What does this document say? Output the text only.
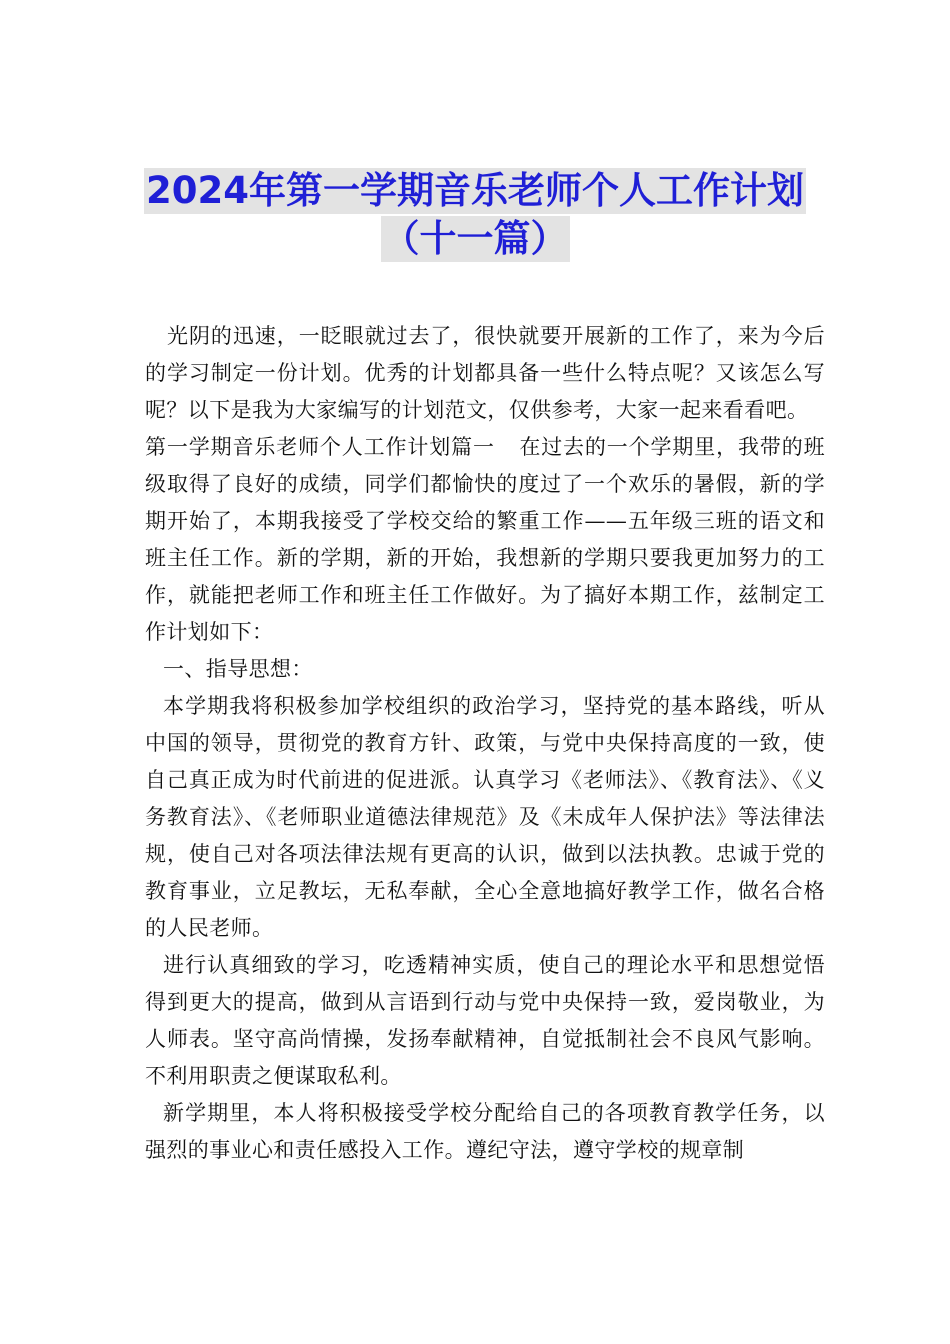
2024年第一学期音乐老师个人工作计划
（十一篇）

光阴的迅速，一眨眼就过去了，很快就要开展新的工作了，来为今后的学习制定一份计划。优秀的计划都具备一些什么特点呢？又该怎么写呢？以下是我为大家编写的计划范文，仅供参考，大家一起来看看吧。

第一学期音乐老师个人工作计划篇一 在过去的一个学期里，我带的班级取得了良好的成绩，同学们都愉快的度过了一个欢乐的暑假，新的学期开始了，本期我接受了学校交给的繁重工作——五年级三班的语文和班主任工作。新的学期，新的开始，我想新的学期只要我更加努力的工作，就能把老师工作和班主任工作做好。为了搞好本期工作，兹制定工作计划如下：

一、指导思想：

本学期我将积极参加学校组织的政治学习，坚持党的基本路线，听从中国的领导，贯彻党的教育方针、政策，与党中央保持高度的一致，使自己真正成为时代前进的促进派。认真学习《老师法》、《教育法》、《义务教育法》、《老师职业道德法律规范》及《未成年人保护法》等法律法规，使自己对各项法律法规有更高的认识，做到以法执教。忠诚于党的教育事业，立足教坛，无私奉献，全心全意地搞好教学工作，做名合格的人民老师。

进行认真细致的学习，吃透精神实质，使自己的理论水平和思想觉悟得到更大的提高，做到从言语到行动与党中央保持一致，爱岗敬业，为人师表。坚守高尚情操，发扬奉献精神，自觉抵制社会不良风气影响。不利用职责之便谋取私利。

新学期里，本人将积极接受学校分配给自己的各项教育教学任务，以强烈的事业心和责任感投入工作。遵纪守法，遵守学校的规章制
